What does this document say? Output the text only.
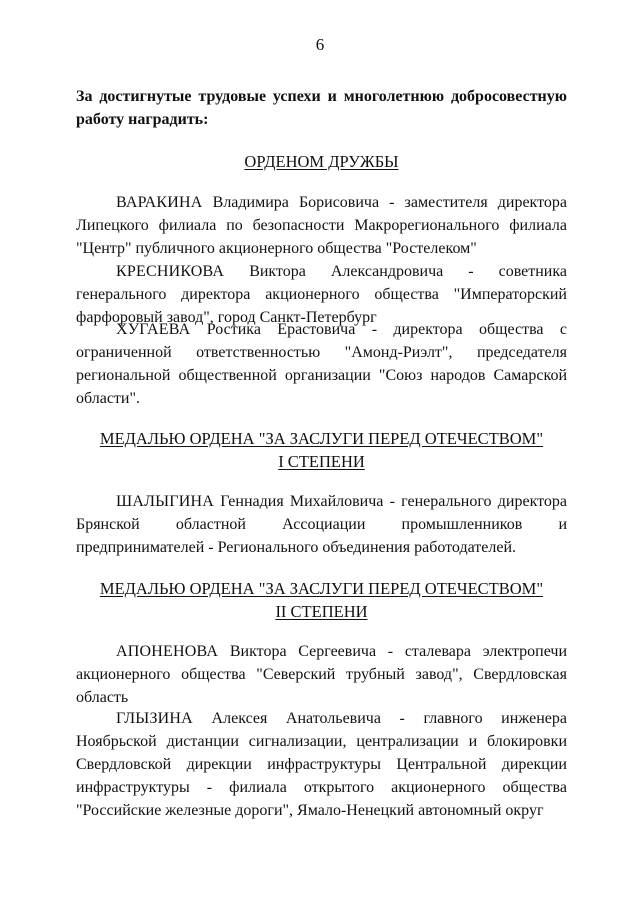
6
За достигнутые трудовые успехи и многолетнюю добросовестную работу наградить:
ОРДЕНОМ ДРУЖБЫ
ВАРАКИНА Владимира Борисовича - заместителя директора Липецкого филиала по безопасности Макрорегионального филиала "Центр" публичного акционерного общества "Ростелеком"
КРЕСНИКОВА Виктора Александровича - советника генерального директора акционерного общества "Императорский фарфоровый завод", город Санкт-Петербург
ХУГАЕВА Ростика Ерастовича - директора общества с ограниченной ответственностью "Амонд-Риэлт", председателя региональной общественной организации "Союз народов Самарской области".
МЕДАЛЬЮ ОРДЕНА "ЗА ЗАСЛУГИ ПЕРЕД ОТЕЧЕСТВОМ"
I СТЕПЕНИ
ШАЛЫГИНА Геннадия Михайловича - генерального директора Брянской областной Ассоциации промышленников и предпринимателей - Регионального объединения работодателей.
МЕДАЛЬЮ ОРДЕНА "ЗА ЗАСЛУГИ ПЕРЕД ОТЕЧЕСТВОМ"
II СТЕПЕНИ
АПОНЕНОВА Виктора Сергеевича - сталевара электропечи акционерного общества "Северский трубный завод", Свердловская область
ГЛЫЗИНА Алексея Анатольевича - главного инженера Ноябрьской дистанции сигнализации, централизации и блокировки Свердловской дирекции инфраструктуры Центральной дирекции инфраструктуры - филиала открытого акционерного общества "Российские железные дороги", Ямало-Ненецкий автономный округ
